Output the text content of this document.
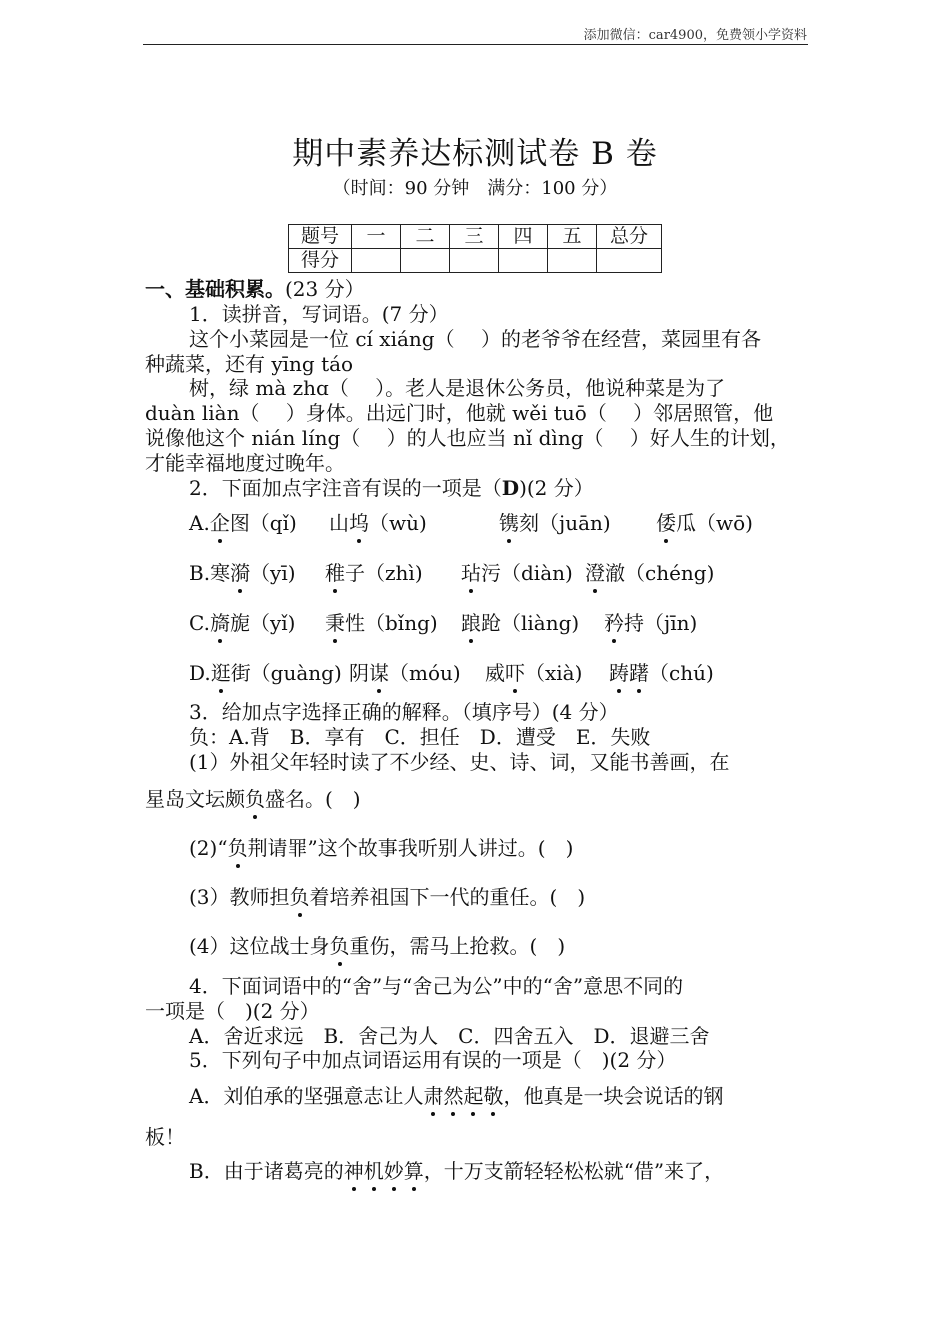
添加微信：car4900，免费领小学资料
期中素养达标测试卷 B 卷
（时间：90 分钟　满分：100 分）
题号	一	二	三	四	五	总分
得分						
一、基础积累。(23 分）
1．读拼音，写词语。(7 分）
这个小菜园是一位 cí xiáng（　 ）的老爷爷在经营，菜园里有各
种蔬菜，还有 yīng táo
树，绿 mà zhɑ（　 ）。老人是退休公务员，他说种菜是为了
duàn liàn（　 ）身体。出远门时，他就 wěi tuō（　 ）邻居照管，他
说像他这个 nián líng（　 ）的人也应当 nǐ dìng（　 ）好人生的计划，
才能幸福地度过晚年。
2．下面加点字注音有误的一项是（D)(2 分）
A.企图（qǐ) 山坞（wù)	镌刻（juān) 倭瓜（wō)
B.寒漪（yī) 稚子（zhì) 玷污（diàn) 澄澈（chéng)
C.旖旎（yǐ) 秉性（bǐng) 踉跄（liàng) 矜持（jīn)
D.逛街（guàng) 阴谋（móu) 威吓（xià) 踌躇（chú)
3．给加点字选择正确的解释。（填序号）(4 分）
负：A.背　B．享有　C．担任　D．遭受　E．失败
(1）外祖父年轻时读了不少经、史、诗、词，又能书善画，在
星岛文坛颇负盛名。(　)
(2)“负荆请罪”这个故事我听别人讲过。(　)
(3）教师担负着培养祖国下一代的重任。(　)
(4）这位战士身负重伤，需马上抢救。(　)
4．下面词语中的“舍”与“舍己为公”中的“舍”意思不同的
一项是（　)(2 分）
A．舍近求远　B．舍己为人　C．四舍五入　D．退避三舍
5．下列句子中加点词语运用有误的一项是（　)(2 分）
A．刘伯承的坚强意志让人肃然起敬，他真是一块会说话的钢
板！
B．由于诸葛亮的神机妙算，十万支箭轻轻松松就“借”来了，
